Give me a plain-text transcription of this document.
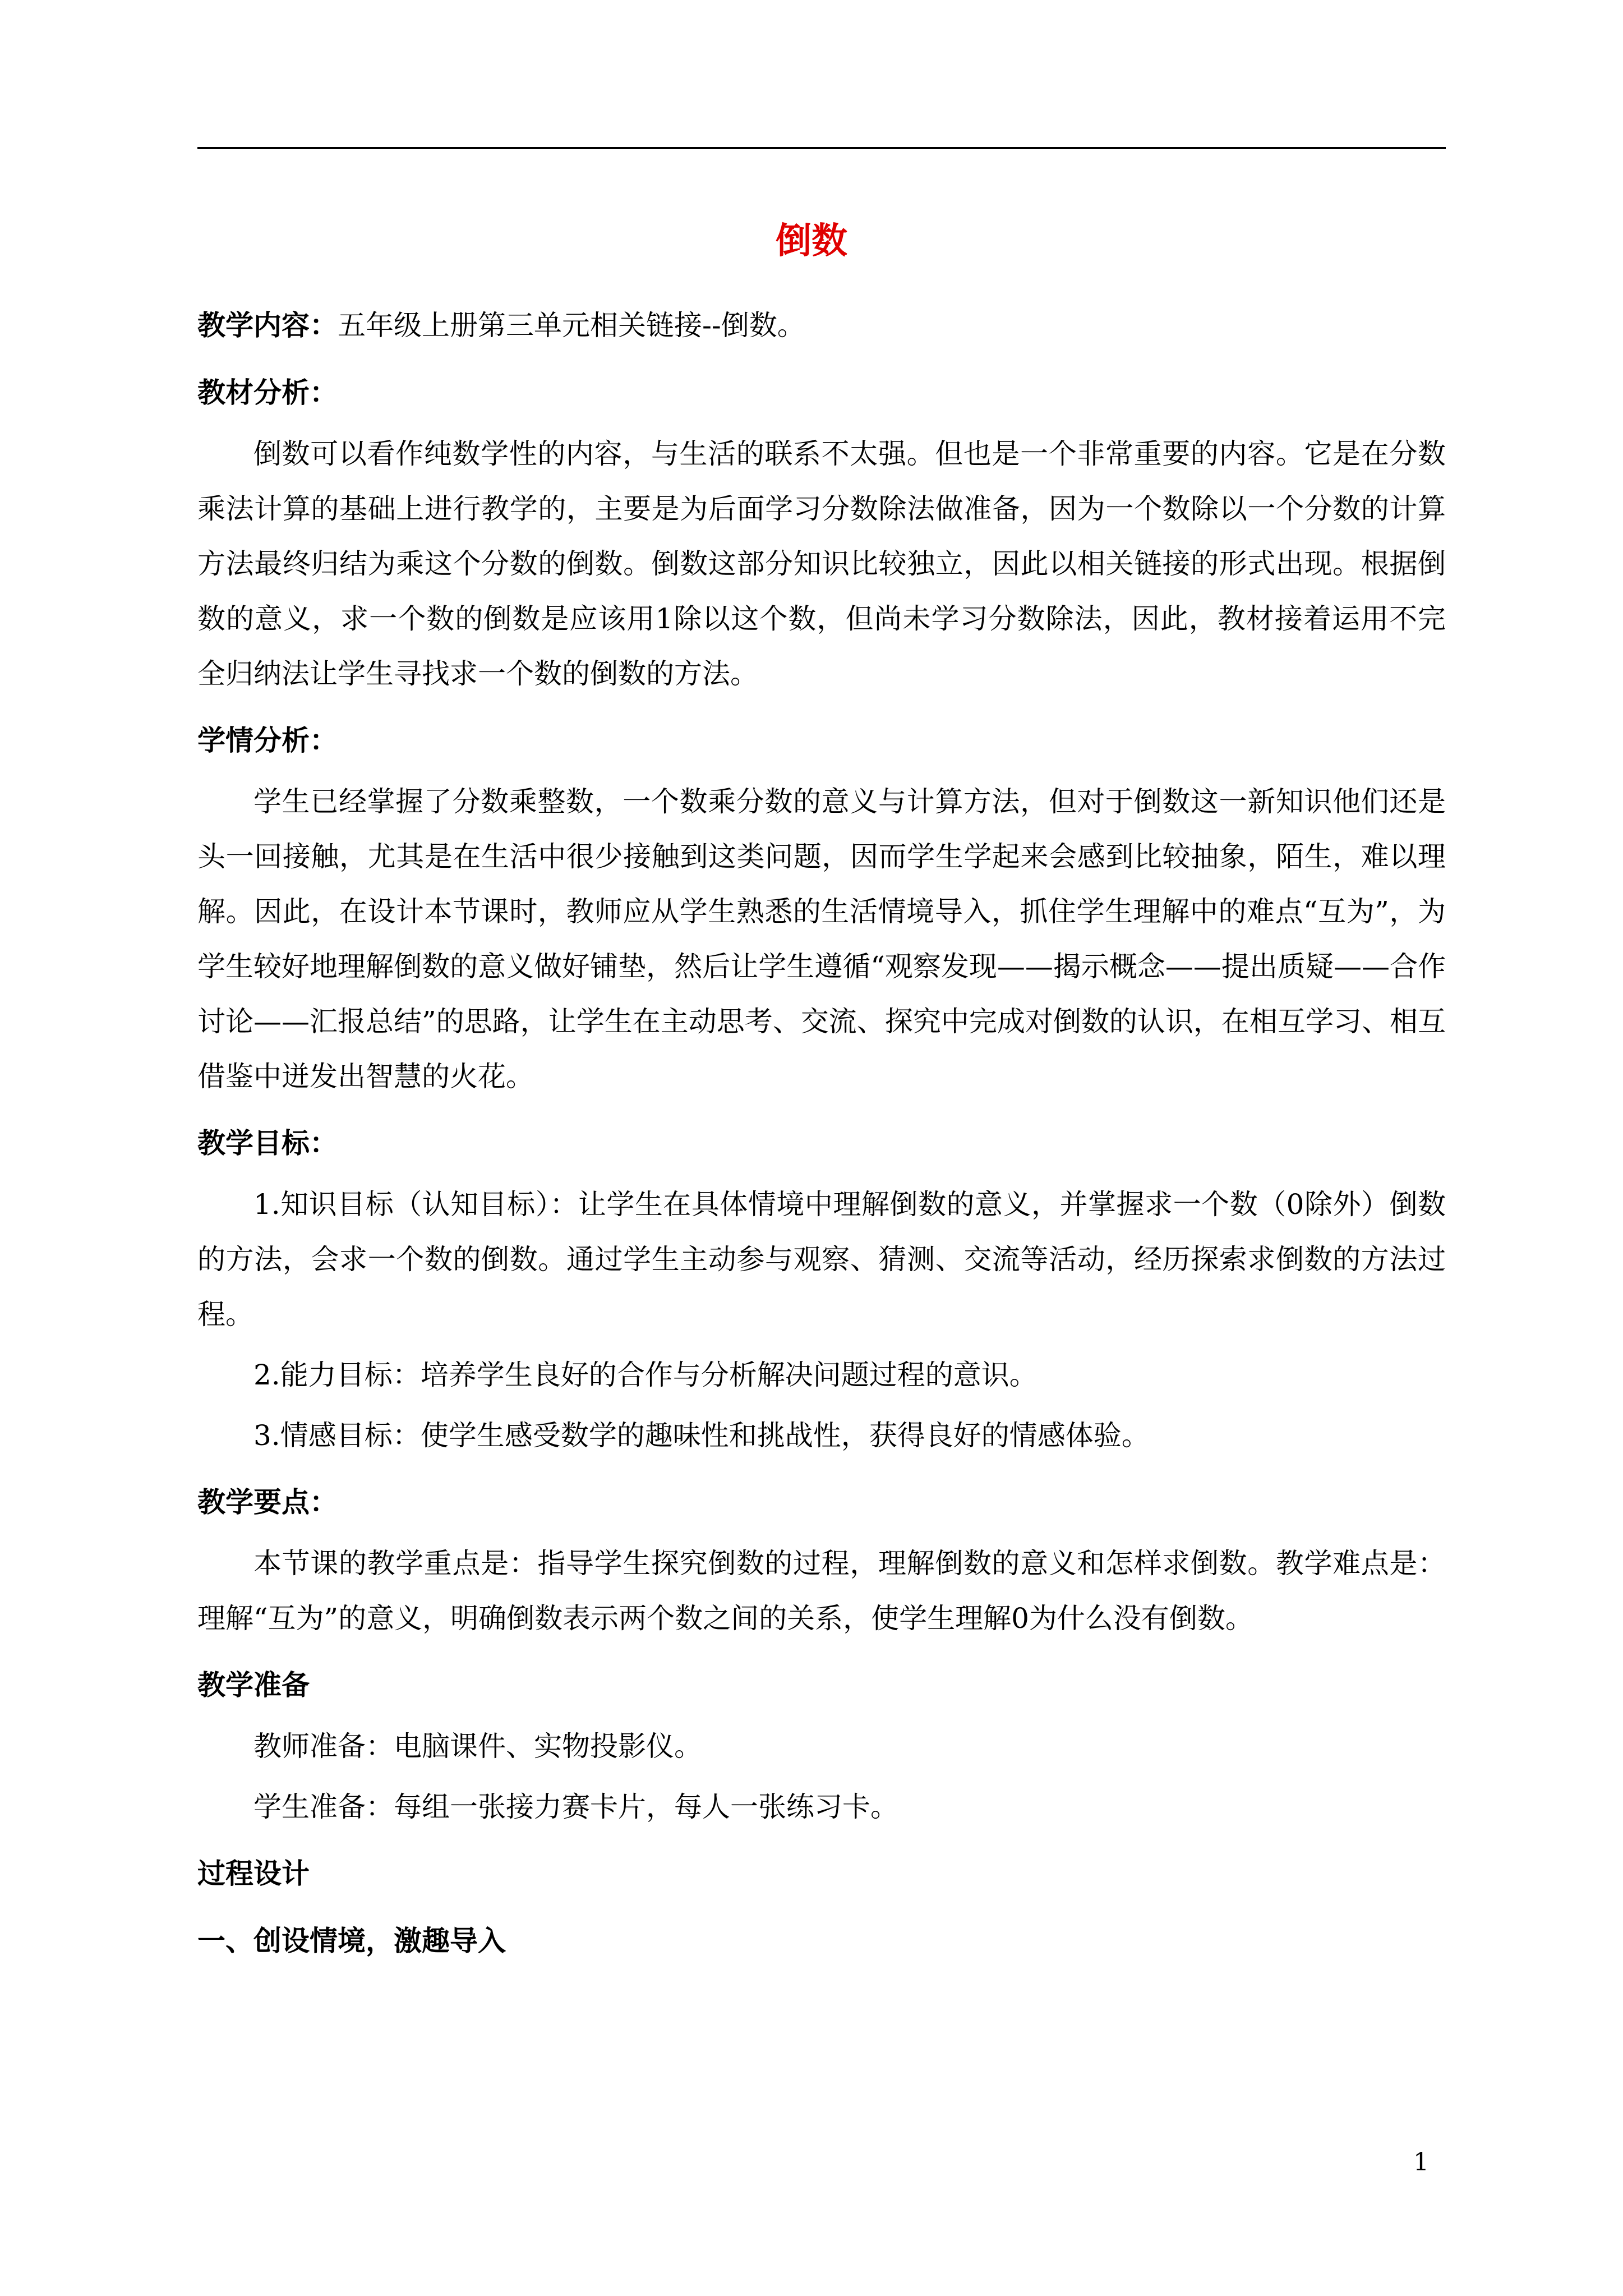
倒数

教学内容：五年级上册第三单元相关链接--倒数。

教材分析：

倒数可以看作纯数学性的内容，与生活的联系不太强。但也是一个非常重要的内容。它是在分数乘法计算的基础上进行教学的，主要是为后面学习分数除法做准备，因为一个数除以一个分数的计算方法最终归结为乘这个分数的倒数。倒数这部分知识比较独立，因此以相关链接的形式出现。根据倒数的意义，求一个数的倒数是应该用1除以这个数，但尚未学习分数除法，因此，教材接着运用不完全归纳法让学生寻找求一个数的倒数的方法。

学情分析：

学生已经掌握了分数乘整数，一个数乘分数的意义与计算方法，但对于倒数这一新知识他们还是头一回接触，尤其是在生活中很少接触到这类问题，因而学生学起来会感到比较抽象，陌生，难以理解。因此，在设计本节课时，教师应从学生熟悉的生活情境导入，抓住学生理解中的难点“互为”，为学生较好地理解倒数的意义做好铺垫，然后让学生遵循“观察发现——揭示概念——提出质疑——合作讨论——汇报总结”的思路，让学生在主动思考、交流、探究中完成对倒数的认识，在相互学习、相互借鉴中迸发出智慧的火花。

教学目标：

1.知识目标（认知目标）：让学生在具体情境中理解倒数的意义，并掌握求一个数（0除外）倒数的方法，会求一个数的倒数。通过学生主动参与观察、猜测、交流等活动，经历探索求倒数的方法过程。

2.能力目标：培养学生良好的合作与分析解决问题过程的意识。

3.情感目标：使学生感受数学的趣味性和挑战性，获得良好的情感体验。

教学要点：

本节课的教学重点是：指导学生探究倒数的过程，理解倒数的意义和怎样求倒数。教学难点是：理解“互为”的意义，明确倒数表示两个数之间的关系，使学生理解0为什么没有倒数。

教学准备

教师准备：电脑课件、实物投影仪。

学生准备：每组一张接力赛卡片，每人一张练习卡。

过程设计

一、创设情境，激趣导入

1
